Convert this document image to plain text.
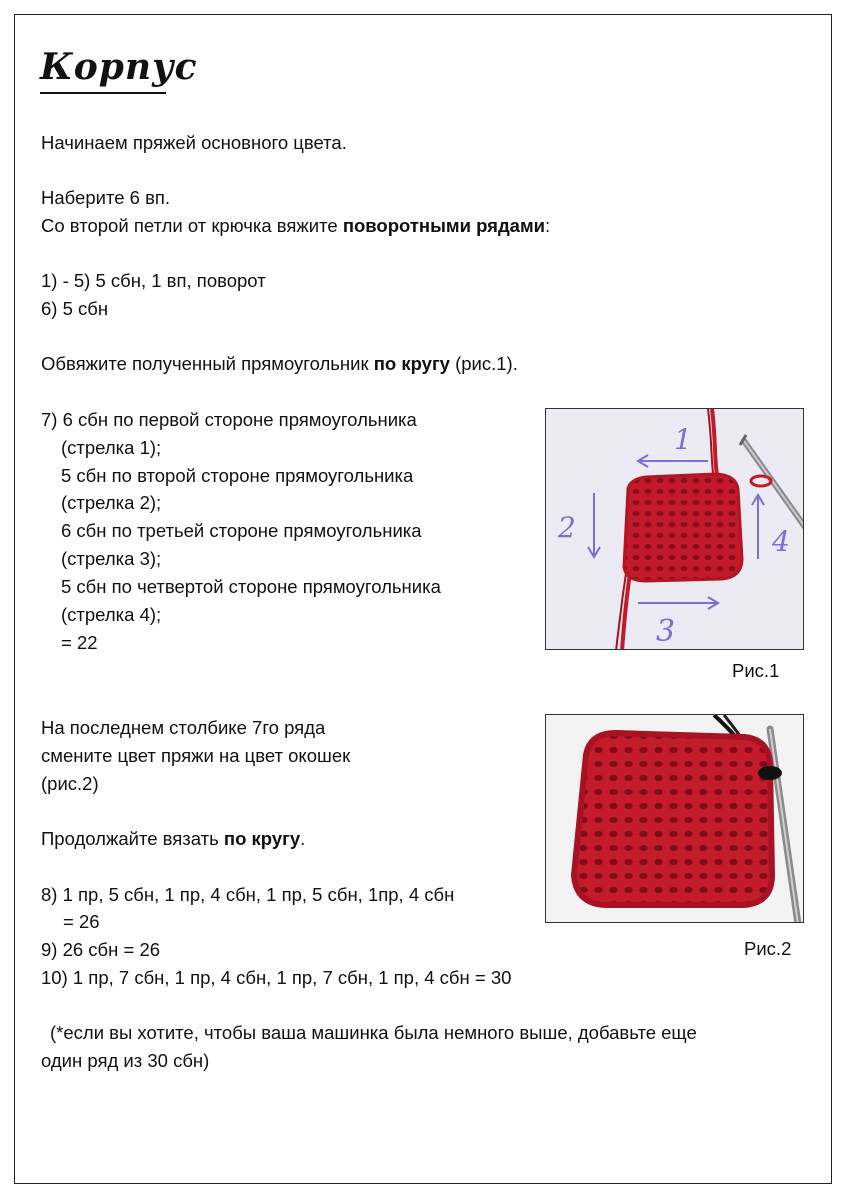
Корпус
Начинаем пряжей основного цвета.
Наберите 6 вп.
Со второй петли от крючка вяжите поворотными рядами:
1) - 5) 5 сбн, 1 вп, поворот
6) 5 сбн
Обвяжите полученный прямоугольник по кругу (рис.1).
7) 6 сбн по первой стороне прямоугольника
(стрелка 1);
5 сбн по второй стороне прямоугольника
(стрелка 2);
6 сбн по третьей стороне прямоугольника
(стрелка 3);
5 сбн по четвертой стороне прямоугольника
(стрелка 4);
= 22
1
2
3
4
Рис.1
На последнем столбике 7го ряда
смените цвет пряжи на цвет окошек
(рис.2)
Продолжайте вязать по кругу.
8) 1 пр, 5 сбн, 1 пр, 4 сбн, 1 пр, 5 сбн, 1пр, 4 сбн
= 26
9) 26 сбн = 26	Рис.2
10) 1 пр, 7 сбн, 1 пр, 4 сбн, 1 пр, 7 сбн, 1 пр, 4 сбн = 30
(*если вы хотите, чтобы ваша машинка была немного выше, добавьте еще
один ряд из 30 сбн)
